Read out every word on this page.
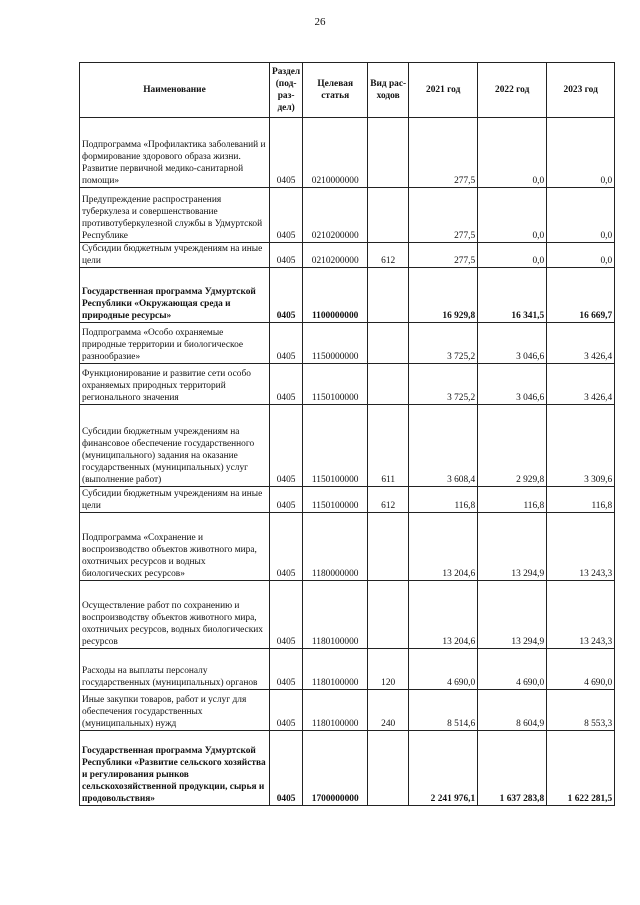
26
Наименование	Раздел (под-раз-дел)	Целевая статья	Вид рас-ходов	2021 год	2022 год	2023 год
Подпрограмма «Профилактика заболеваний и формирование здорового образа жизни. Развитие первичной медико-санитарной помощи»	0405	0210000000		277,5	0,0	0,0
Предупреждение распространения туберкулеза и совершенствование противотуберкулезной службы в Удмуртской Республике	0405	0210200000		277,5	0,0	0,0
Субсидии бюджетным учреждениям на иные цели	0405	0210200000	612	277,5	0,0	0,0
Государственная программа Удмуртской Республики «Окружающая среда и природные ресурсы»	0405	1100000000		16 929,8	16 341,5	16 669,7
Подпрограмма «Особо охраняемые природные территории и биологическое разнообразие»	0405	1150000000		3 725,2	3 046,6	3 426,4
Функционирование и развитие сети особо охраняемых природных территорий регионального значения	0405	1150100000		3 725,2	3 046,6	3 426,4
Субсидии бюджетным учреждениям на финансовое обеспечение государственного (муниципального) задания на оказание государственных (муниципальных) услуг (выполнение работ)	0405	1150100000	611	3 608,4	2 929,8	3 309,6
Субсидии бюджетным учреждениям на иные цели	0405	1150100000	612	116,8	116,8	116,8
Подпрограмма «Сохранение и воспроизводство объектов животного мира, охотничьих ресурсов и водных биологических ресурсов»	0405	1180000000		13 204,6	13 294,9	13 243,3
Осуществление работ по сохранению и воспроизводству объектов животного мира, охотничьих ресурсов, водных биологических ресурсов	0405	1180100000		13 204,6	13 294,9	13 243,3
Расходы на выплаты персоналу государственных (муниципальных) органов	0405	1180100000	120	4 690,0	4 690,0	4 690,0
Иные закупки товаров, работ и услуг для обеспечения государственных (муниципальных) нужд	0405	1180100000	240	8 514,6	8 604,9	8 553,3
Государственная программа Удмуртской Республики «Развитие сельского хозяйства и регулирования рынков сельскохозяйственной продукции, сырья и продовольствия»	0405	1700000000		2 241 976,1	1 637 283,8	1 622 281,5
